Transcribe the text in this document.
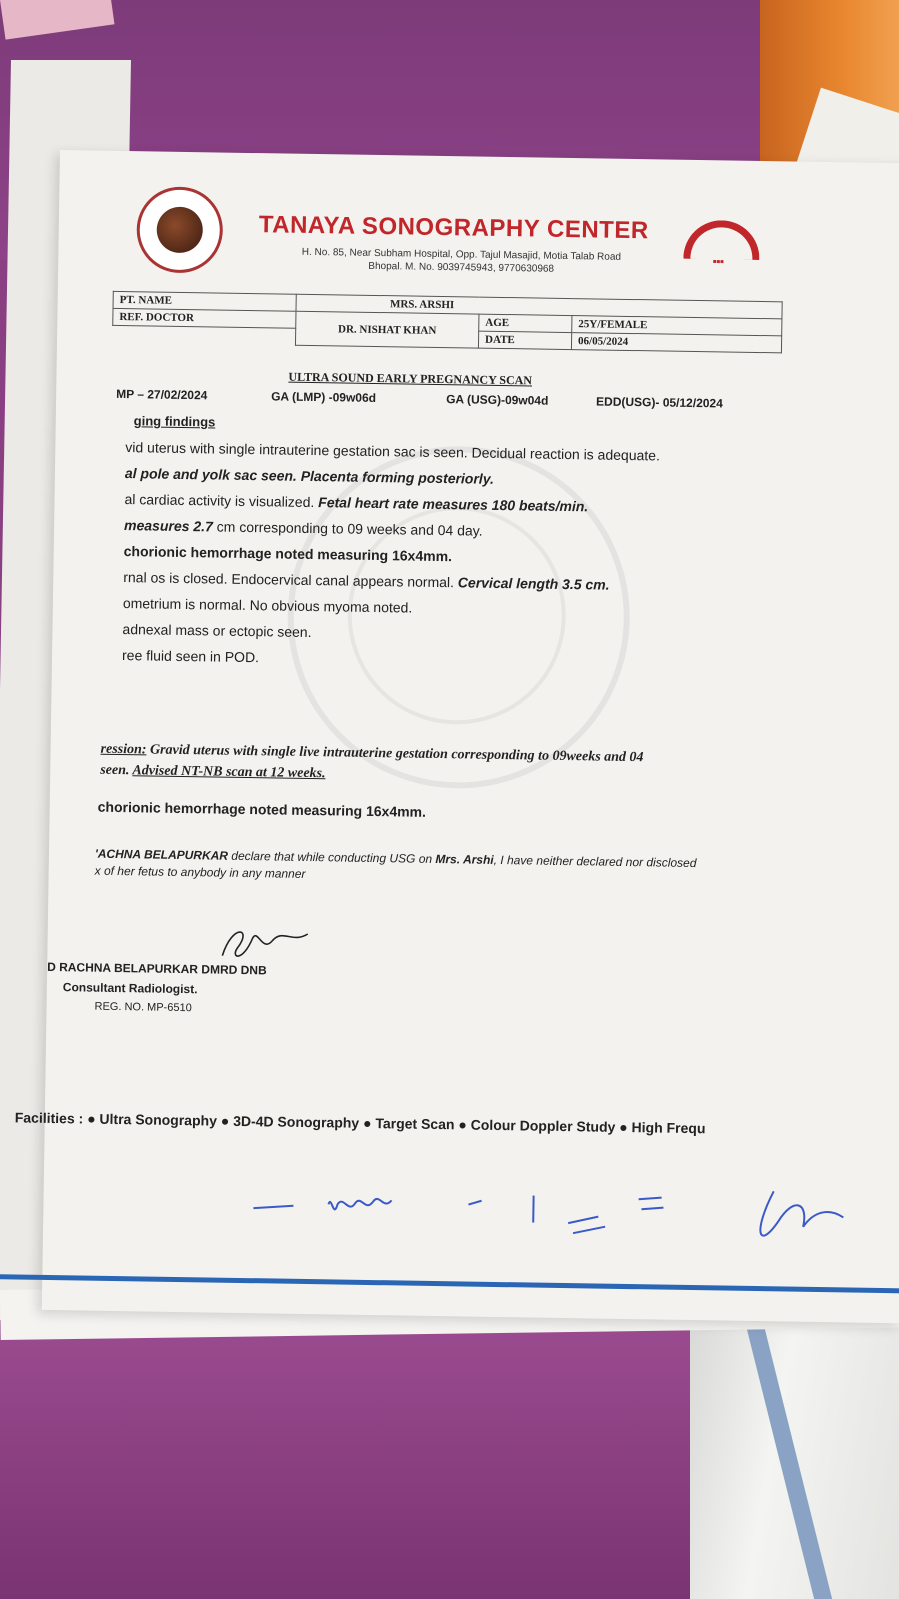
TANAYA SONOGRAPHY CENTER
H. No. 85, Near Subham Hospital, Opp. Tajul Masajid, Motia Talab Road
Bhopal. M. No. 9039745943, 9770630968	■■■
PT. NAME	MRS. ARSHI		
REF. DOCTOR	DR. NISHAT KHAN	AGE	25Y/FEMALE
		DATE	06/05/2024
ULTRA SOUND EARLY PREGNANCY SCAN
MP – 27/02/2024	GA (LMP) -09w06d	GA (USG)-09w04d	EDD(USG)- 05/12/2024
ging findings
vid uterus with single intrauterine gestation sac is seen. Decidual reaction is adequate.
al pole and yolk sac seen. Placenta forming posteriorly.
al cardiac activity is visualized. Fetal heart rate measures 180 beats/min.
measures 2.7 cm corresponding to 09 weeks and 04 day.
chorionic hemorrhage noted measuring 16x4mm.
rnal os is closed. Endocervical canal appears normal. Cervical length 3.5 cm.
ometrium is normal. No obvious myoma noted.
adnexal mass or ectopic seen.
ree fluid seen in POD.
ression: Gravid uterus with single live intrauterine gestation corresponding to 09weeks and 04
seen. Advised NT-NB scan at 12 weeks.
chorionic hemorrhage noted measuring 16x4mm.
'ACHNA BELAPURKAR declare that while conducting USG on Mrs. Arshi, I have neither declared nor disclosed
x of her fetus to anybody in any manner
D RACHNA BELAPURKAR DMRD DNB
Consultant Radiologist.
REG. NO. MP-6510
Facilities : ● Ultra Sonography ● 3D-4D Sonography ● Target Scan ● Colour Doppler Study ● High Frequ
